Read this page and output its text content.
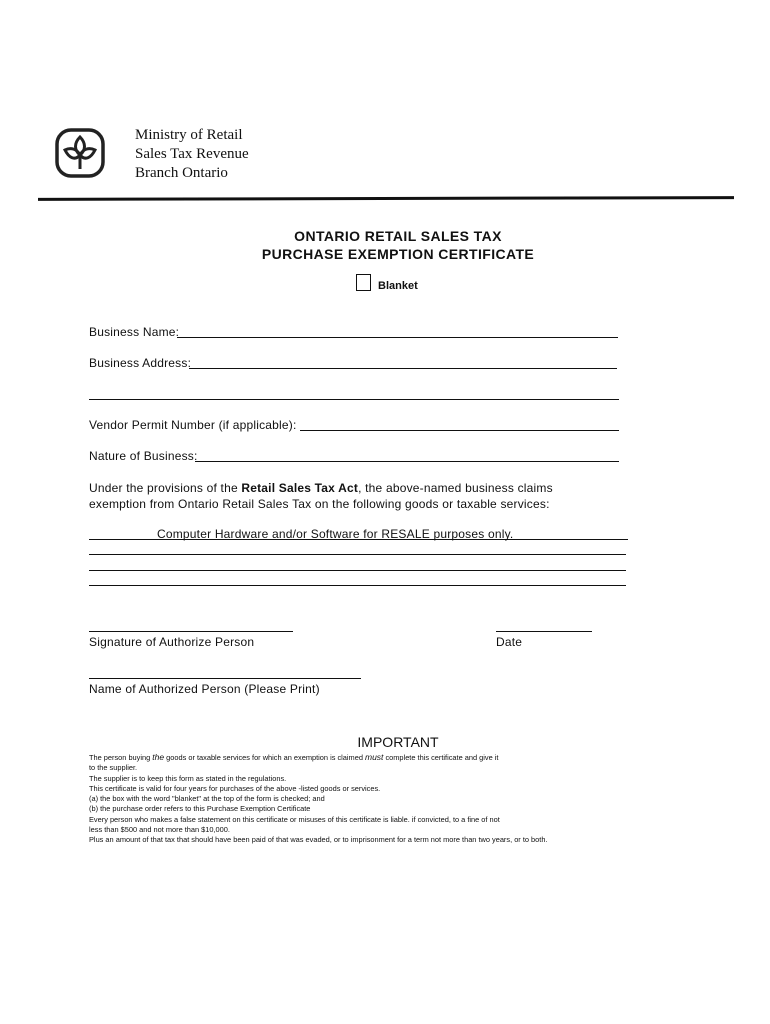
Ministry of Retail
Sales Tax Revenue
Branch Ontario
ONTARIO RETAIL SALES TAX
PURCHASE EXEMPTION CERTIFICATE
Blanket
Business Name:
Business Address:
Vendor Permit Number (if applicable):
Nature of Business:
Under the provisions of the Retail Sales Tax Act, the above-named business claims
exemption from Ontario Retail Sales Tax on the following goods or taxable services:
Computer Hardware and/or Software for RESALE purposes only.
Signature of Authorize Person	Date
Name of Authorized Person (Please Print)
IMPORTANT
The person buying the goods or taxable services for which an exemption is claimed must complete this certificate and give it
to the supplier.
The supplier is to keep this form as stated in the regulations.
This certificate is valid for four years for purchases of the above -listed goods or services.
(a) the box with the word "blanket" at the top of the form is checked; and
(b) the purchase order refers to this Purchase Exemption Certificate
Every person who makes a false statement on this certificate or misuses of this certificate is liable. if convicted, to a fine of not
less than $500 and not more than $10,000.
Plus an amount of that tax that should have been paid of that was evaded, or to imprisonment for a term not more than two years, or to both.
